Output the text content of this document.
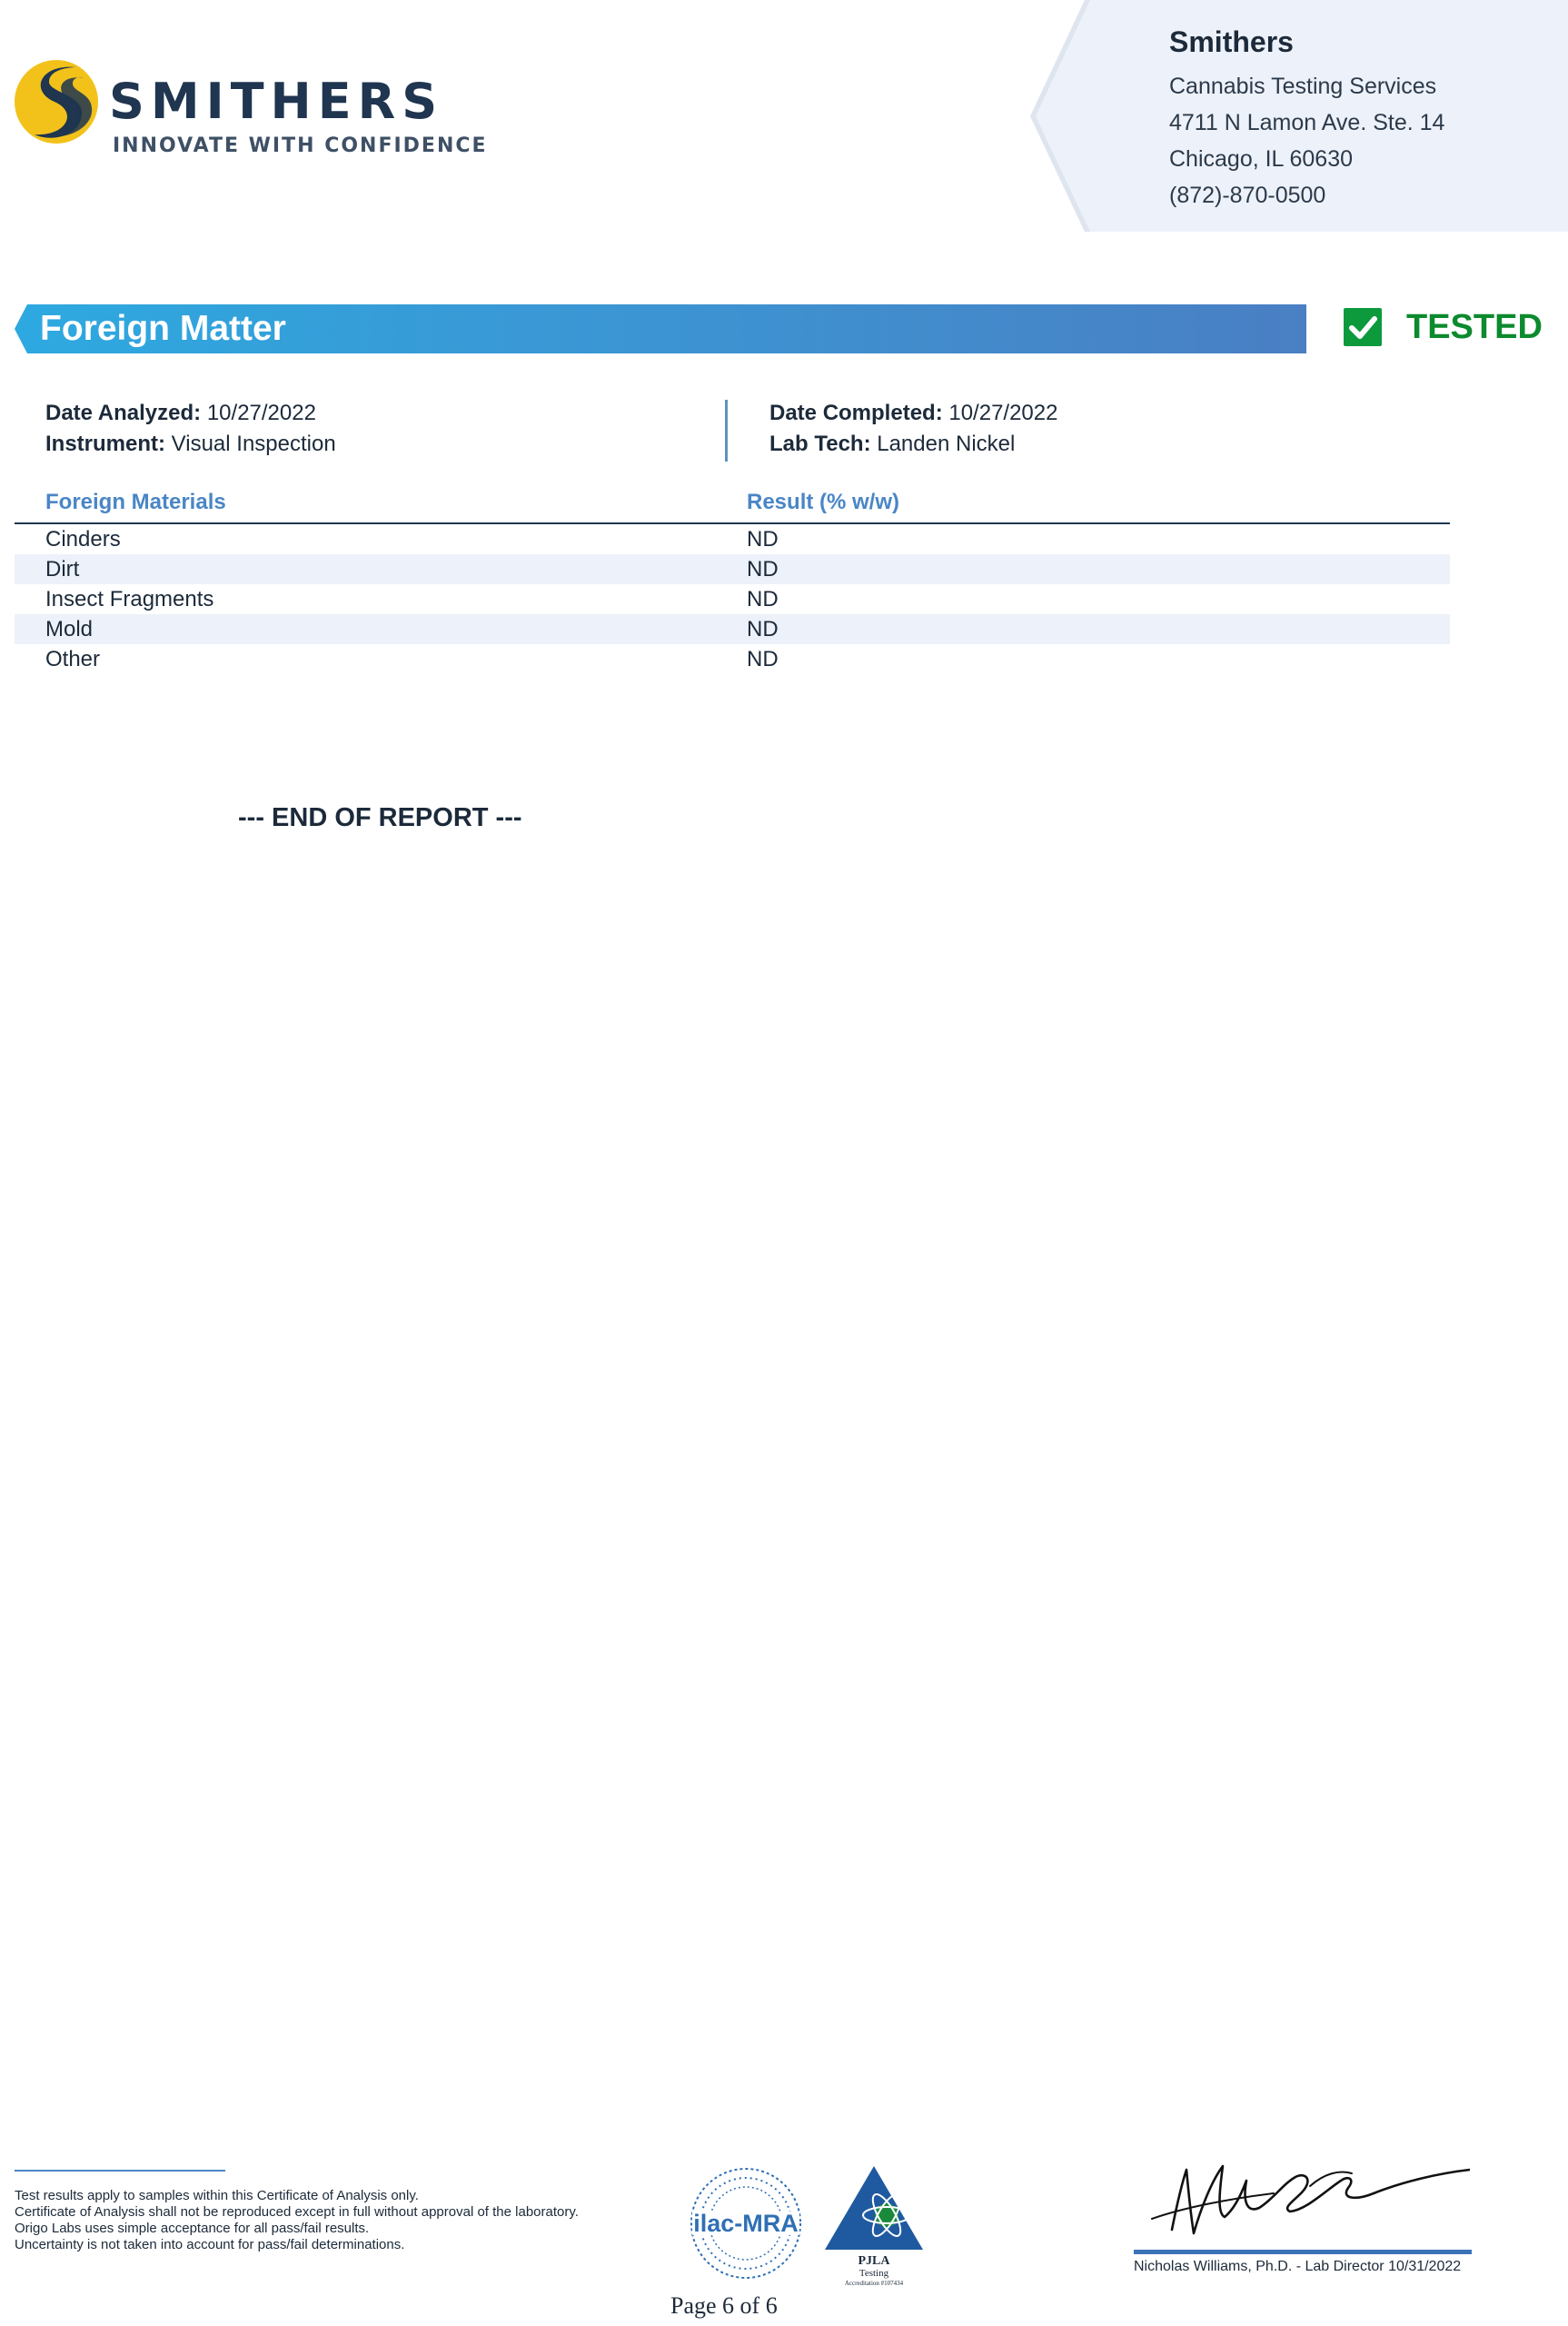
SMITHERS
INNOVATE WITH CONFIDENCE
Smithers
Cannabis Testing Services
4711 N Lamon Ave. Ste. 14
Chicago, IL 60630
(872)-870-0500
Foreign Matter	TESTED
Date Analyzed: 10/27/2022
Instrument: Visual Inspection
Date Completed: 10/27/2022
Lab Tech: Landen Nickel
Foreign Materials	Result (% w/w)
Cinders	ND
Dirt	ND
Insect Fragments	ND
Mold	ND
Other	ND
--- END OF REPORT ---
Test results apply to samples within this Certificate of Analysis only.
Certificate of Analysis shall not be reproduced except in full without approval of the laboratory.
Origo Labs uses simple acceptance for all pass/fail results.
Uncertainty is not taken into account for pass/fail determinations.
ilac-MRA
PJLA
Testing
Accreditation #107434
Page 6 of 6
Nicholas Williams, Ph.D. - Lab Director 10/31/2022
